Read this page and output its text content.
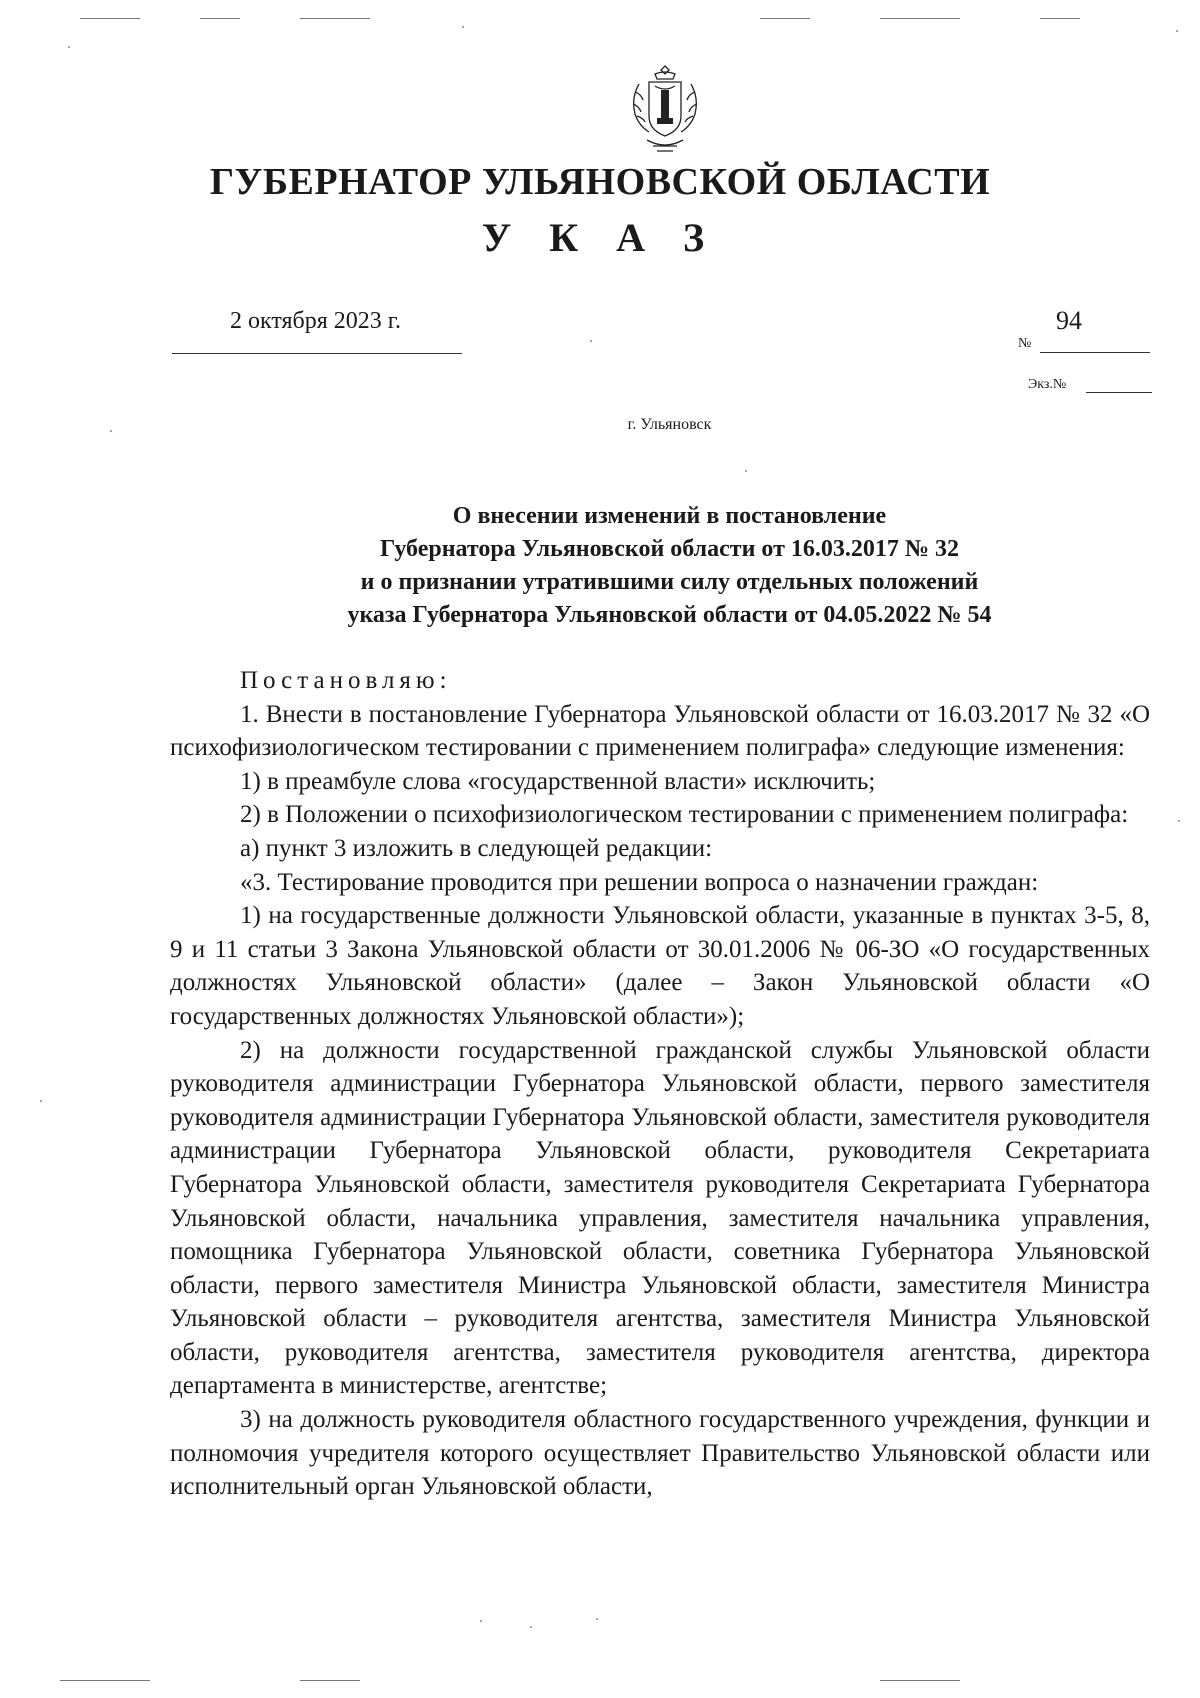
ГУБЕРНАТОР УЛЬЯНОВСКОЙ ОБЛАСТИ
У К А З
2 октября 2023 г.	94
№
Экз.№
г. Ульяновск
О внесении изменений в постановление
Губернатора Ульяновской области от 16.03.2017 № 32
и о признании утратившими силу отдельных положений
указа Губернатора Ульяновской области от 04.05.2022 № 54

Постановляю:

1. Внести в постановление Губернатора Ульяновской области от 16.03.2017 № 32 «О психофизиологическом тестировании с применением полиграфа» следующие изменения:

1) в преамбуле слова «государственной власти» исключить;

2) в Положении о психофизиологическом тестировании с применением полиграфа:

а) пункт 3 изложить в следующей редакции:

«3. Тестирование проводится при решении вопроса о назначении граждан:

1) на государственные должности Ульяновской области, указанные в пунктах 3-5, 8, 9 и 11 статьи 3 Закона Ульяновской области от 30.01.2006 № 06-ЗО «О государственных должностях Ульяновской области» (далее – Закон Ульяновской области «О государственных должностях Ульяновской области»);

2) на должности государственной гражданской службы Ульяновской области руководителя администрации Губернатора Ульяновской области, первого заместителя руководителя администрации Губернатора Ульяновской области, заместителя руководителя администрации Губернатора Ульяновской области, руководителя Секретариата Губернатора Ульяновской области, заместителя руководителя Секретариата Губернатора Ульяновской области, начальника управления, заместителя начальника управления, помощника Губернатора Ульяновской области, советника Губернатора Ульяновской области, первого заместителя Министра Ульяновской области, заместителя Министра Ульяновской области – руководителя агентства, заместителя Министра Ульяновской области, руководителя агентства, заместителя руководителя агентства, директора департамента в министерстве, агентстве;

3) на должность руководителя областного государственного учреждения, функции и полномочия учредителя которого осуществляет Правительство Ульяновской области или исполнительный орган Ульяновской области,
